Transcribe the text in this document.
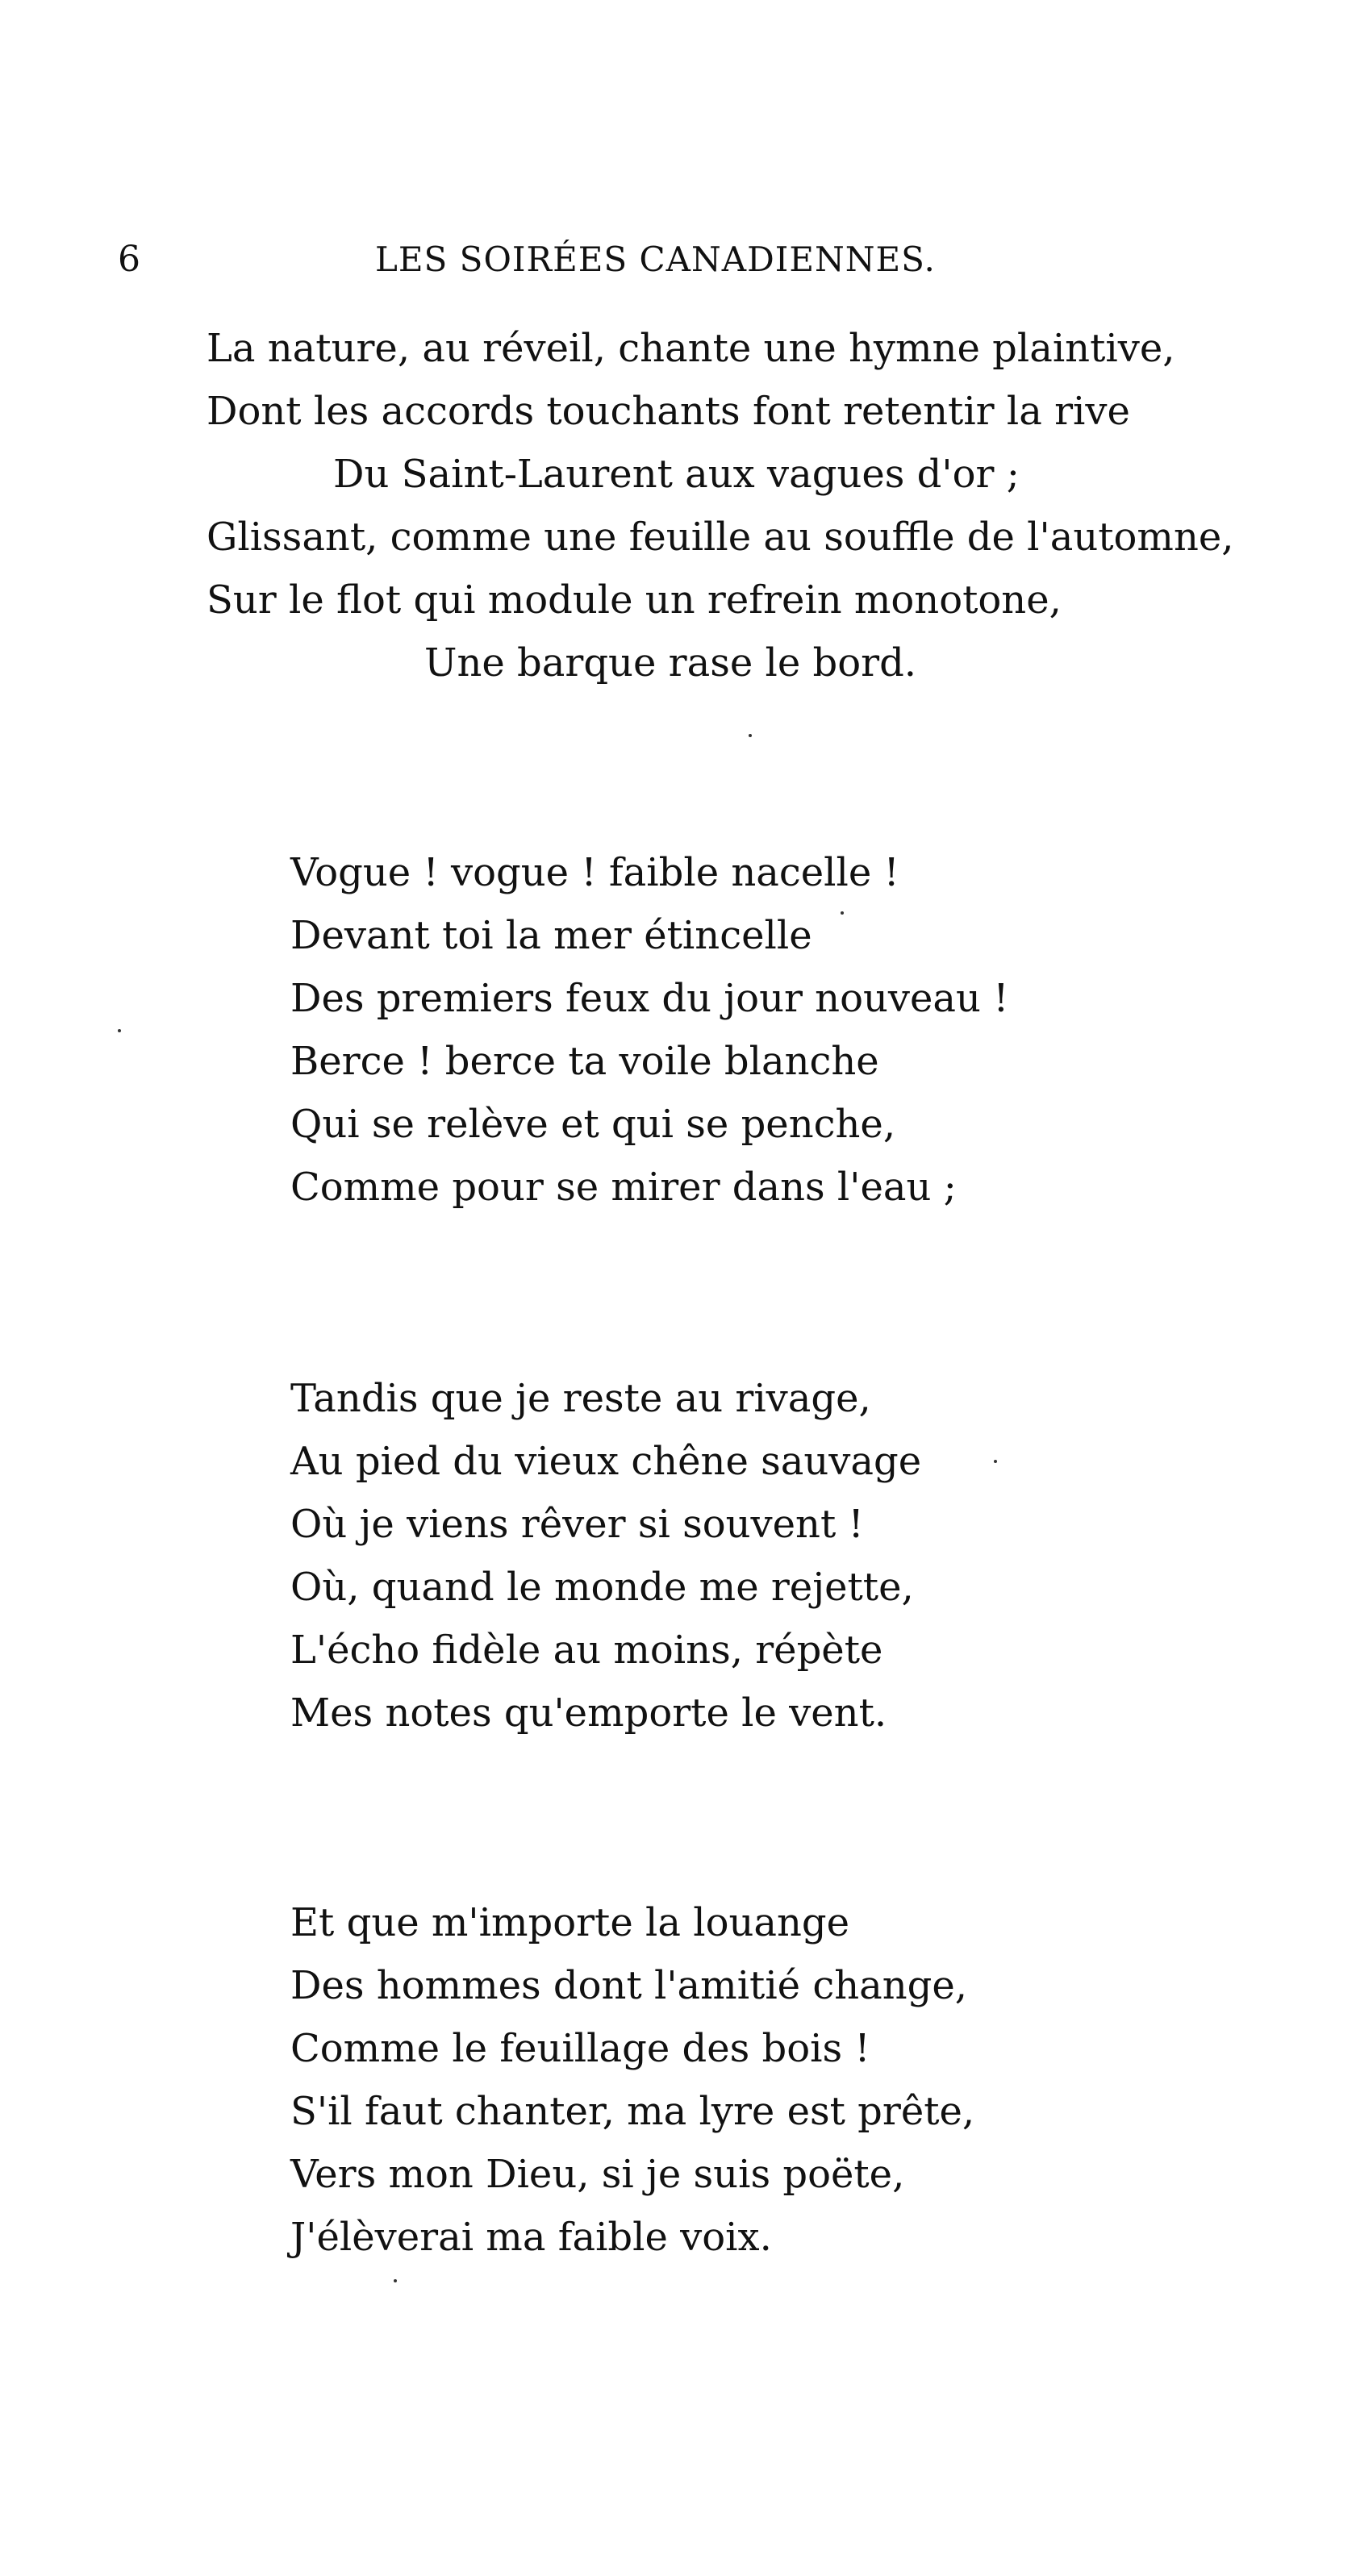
6	LES SOIRÉES CANADIENNES.
La nature, au réveil, chante une hymne plaintive,
Dont les accords touchants font retentir la rive
Du Saint-Laurent aux vagues d'or ;
Glissant, comme une feuille au souffle de l'automne,
Sur le flot qui module un refrein monotone,
Une barque rase le bord.
Vogue ! vogue ! faible nacelle !
Devant toi la mer étincelle
Des premiers feux du jour nouveau !
Berce ! berce ta voile blanche
Qui se relève et qui se penche,
Comme pour se mirer dans l'eau ;
Tandis que je reste au rivage,
Au pied du vieux chêne sauvage
Où je viens rêver si souvent !
Où, quand le monde me rejette,
L'écho fidèle au moins, répète
Mes notes qu'emporte le vent.
Et que m'importe la louange
Des hommes dont l'amitié change,
Comme le feuillage des bois !
S'il faut chanter, ma lyre est prête,
Vers mon Dieu, si je suis poëte,
J'élèverai ma faible voix.
